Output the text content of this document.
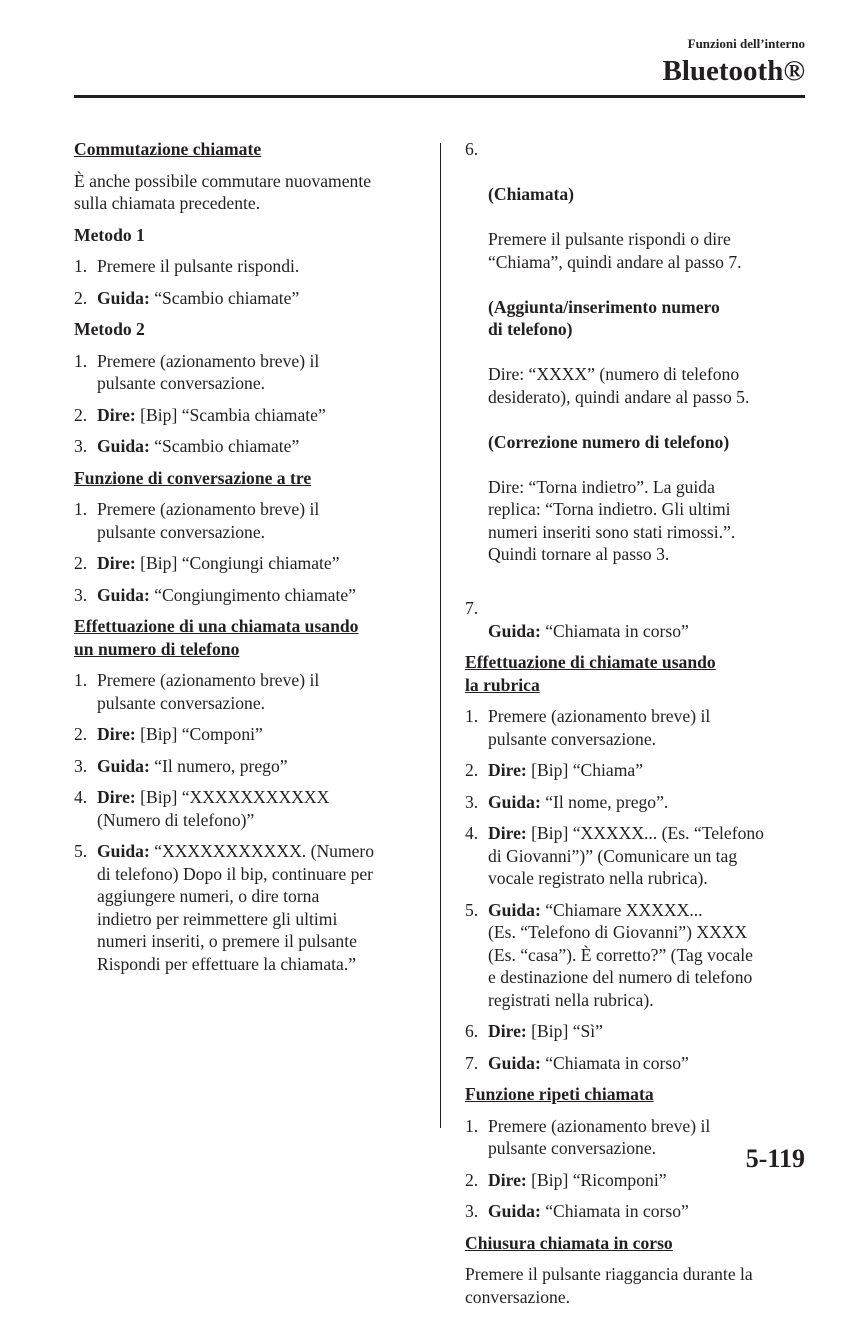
Funzioni dell’interno
Bluetooth®
Commutazione chiamate
È anche possibile commutare nuovamente
sulla chiamata precedente.
Metodo 1
1. Premere il pulsante rispondi.
2. Guida: “Scambio chiamate”
Metodo 2
1. Premere (azionamento breve) il
pulsante conversazione.
2. Dire: [Bip] “Scambia chiamate”
3. Guida: “Scambio chiamate”
Funzione di conversazione a tre
1. Premere (azionamento breve) il
pulsante conversazione.
2. Dire: [Bip] “Congiungi chiamate”
3. Guida: “Congiungimento chiamate”
Effettuazione di una chiamata usando
un numero di telefono
1. Premere (azionamento breve) il
pulsante conversazione.
2. Dire: [Bip] “Componi”
3. Guida: “Il numero, prego”
4. Dire: [Bip] “XXXXXXXXXXX
(Numero di telefono)”
5. Guida: “XXXXXXXXXXX. (Numero
di telefono) Dopo il bip, continuare per
aggiungere numeri, o dire torna
indietro per reimmettere gli ultimi
numeri inseriti, o premere il pulsante
Rispondi per effettuare la chiamata.”

6.

(Chiamata)

Premere il pulsante rispondi o dire
“Chiama”, quindi andare al passo 7.

(Aggiunta/inserimento numero
di telefono)

Dire: “XXXX” (numero di telefono
desiderato), quindi andare al passo 5.

(Correzione numero di telefono)

Dire: “Torna indietro”. La guida
replica: “Torna indietro. Gli ultimi
numeri inseriti sono stati rimossi.”.
Quindi tornare al passo 3.

7.
Guida: “Chiamata in corso”

Effettuazione di chiamate usando
la rubrica
1. Premere (azionamento breve) il
pulsante conversazione.
2. Dire: [Bip] “Chiama”
3. Guida: “Il nome, prego”.
4. Dire: [Bip] “XXXXX... (Es. “Telefono
di Giovanni”)” (Comunicare un tag
vocale registrato nella rubrica).
5. Guida: “Chiamare XXXXX...
(Es. “Telefono di Giovanni”) XXXX
(Es. “casa”). È corretto?” (Tag vocale
e destinazione del numero di telefono
registrati nella rubrica).
6. Dire: [Bip] “Sì”
7. Guida: “Chiamata in corso”
Funzione ripeti chiamata
1. Premere (azionamento breve) il
pulsante conversazione.
2. Dire: [Bip] “Ricomponi”
3. Guida: “Chiamata in corso”
Chiusura chiamata in corso
Premere il pulsante riaggancia durante la
conversazione.
5-119
